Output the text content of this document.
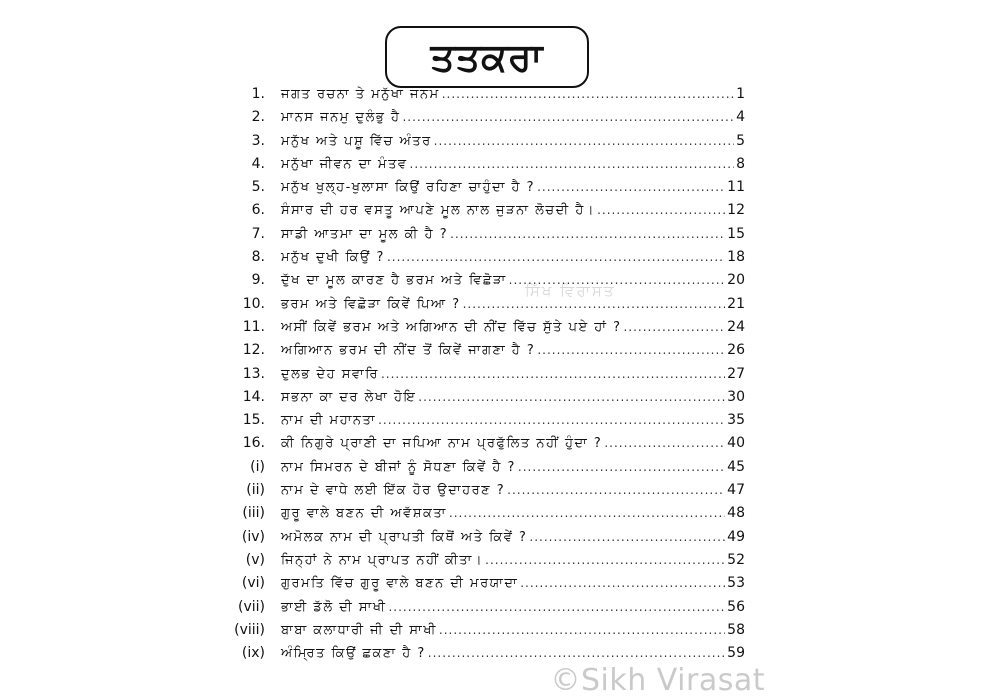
ਤਤਕਰਾ
ਸਿੱਖ ਵਿਰਾਸਤ
1.	ਜਗਤ ਰਚਨਾ ਤੇ ਮਨੁੱਖਾ ਜਨਮ .....	1
2.	ਮਾਨਸ ਜਨਮੁ ਦੁਲੰਭੁ ਹੈ .....	4
3.	ਮਨੁੱਖ ਅਤੇ ਪਸ਼ੂ ਵਿੱਚ ਅੰਤਰ .....	5
4.	ਮਨੁੱਖਾ ਜੀਵਨ ਦਾ ਮੰਤਵ .....	8
5.	ਮਨੁੱਖ ਖੁਲ੍ਹ-ਖੁਲਾਸਾ ਕਿਉਂ ਰਹਿਣਾ ਚਾਹੁੰਦਾ ਹੈ ? .....	11
6.	ਸੰਸਾਰ ਦੀ ਹਰ ਵਸਤੂ ਆਪਣੇ ਮੂਲ ਨਾਲ ਜੁੜਨਾ ਲੋਚਦੀ ਹੈ। .....	12
7.	ਸਾਡੀ ਆਤਮਾ ਦਾ ਮੂਲ ਕੀ ਹੈ ? .....	15
8.	ਮਨੁੱਖ ਦੁਖੀ ਕਿਉਂ ? .....	18
9.	ਦੁੱਖ ਦਾ ਮੂਲ ਕਾਰਣ ਹੈ ਭਰਮ ਅਤੇ ਵਿਛੋੜਾ .....	20
10.	ਭਰਮ ਅਤੇ ਵਿਛੋੜਾ ਕਿਵੇਂ ਪਿਆ ? .....	21
11.	ਅਸੀਂ ਕਿਵੇਂ ਭਰਮ ਅਤੇ ਅਗਿਆਨ ਦੀ ਨੀਂਦ ਵਿੱਚ ਸੁੱਤੇ ਪਏ ਹਾਂ ? .....	24
12.	ਅਗਿਆਨ ਭਰਮ ਦੀ ਨੀਂਦ ਤੋਂ ਕਿਵੇਂ ਜਾਗਣਾ ਹੈ ? .....	26
13.	ਦੁਲਭ ਦੇਹ ਸਵਾਰਿ .....	27
14.	ਸਭਨਾ ਕਾ ਦਰ ਲੇਖਾ ਹੋਇ .....	30
15.	ਨਾਮ ਦੀ ਮਹਾਨਤਾ .....	35
16.	ਕੀ ਨਿਗੁਰੇ ਪ੍ਰਾਣੀ ਦਾ ਜਪਿਆ ਨਾਮ ਪ੍ਰਫੁੱਲਿਤ ਨਹੀਂ ਹੁੰਦਾ ? .....	40
(i)	ਨਾਮ ਸਿਮਰਨ ਦੇ ਬੀਜਾਂ ਨੂੰ ਸੋਧਣਾ ਕਿਵੇਂ ਹੈ ? .....	45
(ii)	ਨਾਮ ਦੇ ਵਾਧੇ ਲਈ ਇੱਕ ਹੋਰ ਉਦਾਹਰਣ ? .....	47
(iii)	ਗੁਰੂ ਵਾਲੇ ਬਣਨ ਦੀ ਅਵੱਸ਼ਕਤਾ .....	48
(iv)	ਅਮੋਲਕ ਨਾਮ ਦੀ ਪ੍ਰਾਪਤੀ ਕਿਥੋਂ ਅਤੇ ਕਿਵੇਂ ? .....	49
(v)	ਜਿਨ੍ਹਾਂ ਨੇ ਨਾਮ ਪ੍ਰਾਪਤ ਨਹੀਂ ਕੀਤਾ। .....	52
(vi)	ਗੁਰਮਤਿ ਵਿੱਚ ਗੁਰੂ ਵਾਲੇ ਬਣਨ ਦੀ ਮਰਯਾਦਾ .....	53
(vii)	ਭਾਈ ਡੱਲੋ ਦੀ ਸਾਖੀ .....	56
(viii)	ਬਾਬਾ ਕਲਾਧਾਰੀ ਜੀ ਦੀ ਸਾਖੀ .....	58
(ix)	ਅੰਮ੍ਰਿਤ ਕਿਉਂ ਛਕਣਾ ਹੈ ? .....	59
©Sikh Virasat
